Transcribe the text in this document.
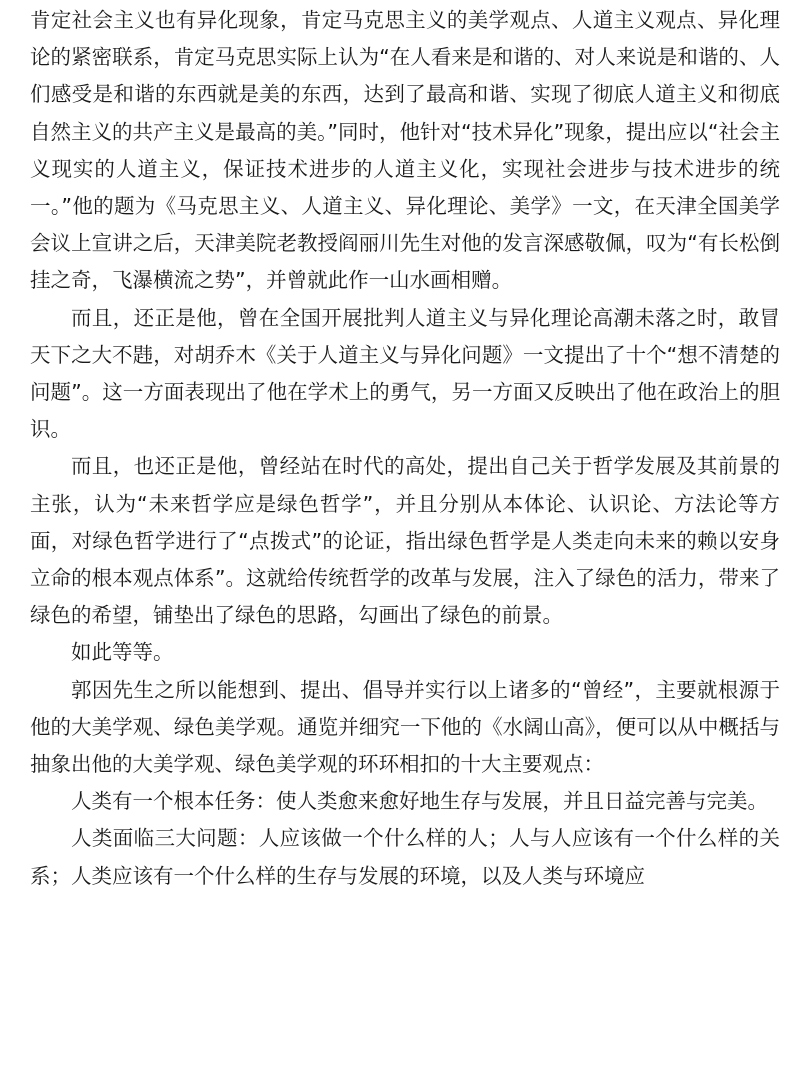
肯定社会主义也有异化现象，肯定马克思主义的美学观点、人道主义观点、异化理论的紧密联系，肯定马克思实际上认为“在人看来是和谐的、对人来说是和谐的、人们感受是和谐的东西就是美的东西，达到了最高和谐、实现了彻底人道主义和彻底自然主义的共产主义是最高的美。”同时，他针对“技术异化”现象，提出应以“社会主义现实的人道主义，保证技术进步的人道主义化，实现社会进步与技术进步的统一。”他的题为《马克思主义、人道主义、异化理论、美学》一文，在天津全国美学会议上宣讲之后，天津美院老教授阎丽川先生对他的发言深感敬佩，叹为“有长松倒挂之奇，飞瀑横流之势”，并曾就此作一山水画相赠。

而且，还正是他，曾在全国开展批判人道主义与异化理论高潮未落之时，敢冒天下之大不韪，对胡乔木《关于人道主义与异化问题》一文提出了十个“想不清楚的问题”。这一方面表现出了他在学术上的勇气，另一方面又反映出了他在政治上的胆识。

而且，也还正是他，曾经站在时代的高处，提出自己关于哲学发展及其前景的主张，认为“未来哲学应是绿色哲学”，并且分别从本体论、认识论、方法论等方面，对绿色哲学进行了“点拨式”的论证，指出绿色哲学是人类走向未来的赖以安身立命的根本观点体系”。这就给传统哲学的改革与发展，注入了绿色的活力，带来了绿色的希望，铺垫出了绿色的思路，勾画出了绿色的前景。

如此等等。

郭因先生之所以能想到、提出、倡导并实行以上诸多的“曾经”，主要就根源于他的大美学观、绿色美学观。通览并细究一下他的《水阔山高》，便可以从中概括与抽象出他的大美学观、绿色美学观的环环相扣的十大主要观点：

人类有一个根本任务：使人类愈来愈好地生存与发展，并且日益完善与完美。

人类面临三大问题：人应该做一个什么样的人；人与人应该有一个什么样的关系；人类应该有一个什么样的生存与发展的环境，以及人类与环境应
